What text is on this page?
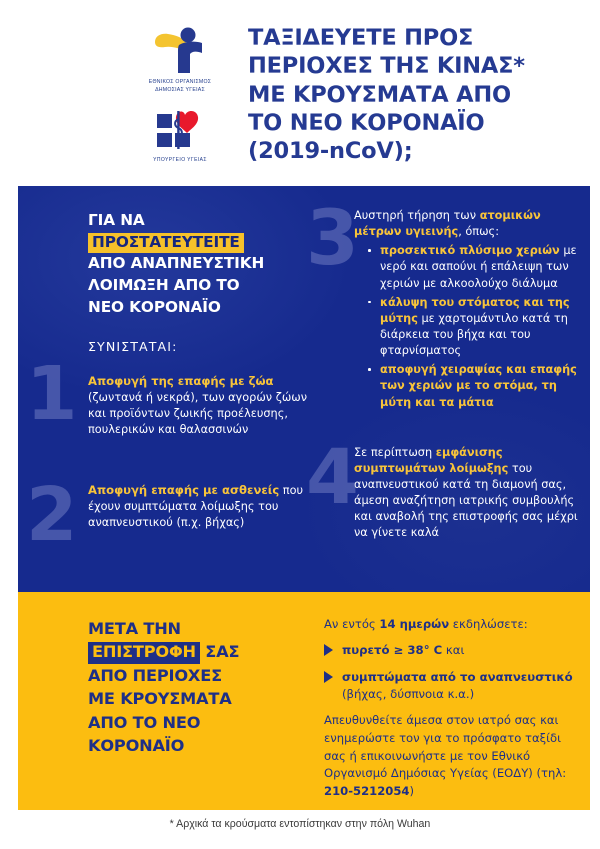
ΕΘΝΙΚΟΣ ΟΡΓΑΝΙΣΜΟΣ
ΔΗΜΟΣΙΑΣ ΥΓΕΙΑΣ
ΥΠΟΥΡΓΕΙΟ ΥΓΕΙΑΣ
ΤΑΞΙΔΕΥΕΤΕ ΠΡΟΣ
ΠΕΡΙΟΧΕΣ ΤΗΣ ΚΙΝΑΣ*
ΜΕ ΚΡΟΥΣΜΑΤΑ ΑΠΟ
ΤΟ ΝΕΟ ΚΟΡΟΝΑΪΟ
(2019-nCoV);
ΓΙΑ ΝΑ
ΠΡΟΣΤΑΤΕΥΤΕΙΤΕ
ΑΠΟ ΑΝΑΠΝΕΥΣΤΙΚΗ
ΛΟΙΜΩΞΗ ΑΠΟ ΤΟ
ΝΕΟ ΚΟΡΟΝΑΪΟ
ΣΥΝΙΣΤΑΤΑΙ:
1 Αποφυγή της επαφής με ζώα (ζωντανά ή νεκρά), των αγορών ζώων και προϊόντων ζωικής προέλευσης, πουλερικών και θαλασσινών
2 Αποφυγή επαφής με ασθενείς που έχουν συμπτώματα λοίμωξης του αναπνευστικού (π.χ. βήχας)
3
Αυστηρή τήρηση των ατομικών μέτρων υγιεινής, όπως:
προσεκτικό πλύσιμο χεριών με νερό και σαπούνι ή επάλειψη των χεριών με αλκοολούχο διάλυμα
κάλυψη του στόματος και της μύτης με χαρτομάντιλο κατά τη διάρκεια του βήχα και του φταρνίσματος
αποφυγή χειραψίας και επαφής των χεριών με το στόμα, τη μύτη και τα μάτια
4
Σε περίπτωση εμφάνισης συμπτωμάτων λοίμωξης του αναπνευστικού κατά τη διαμονή σας, άμεση αναζήτηση ιατρικής συμβουλής και αναβολή της επιστροφής σας μέχρι να γίνετε καλά
ΜΕΤΑ ΤΗΝ
ΕΠΙΣΤΡΟΦΗ ΣΑΣ
ΑΠΟ ΠΕΡΙΟΧΕΣ
ΜΕ ΚΡΟΥΣΜΑΤΑ
ΑΠΟ ΤΟ ΝΕΟ
ΚΟΡΟΝΑΪΟ
Αν εντός 14 ημερών εκδηλώσετε:
πυρετό ≥ 38° C και
συμπτώματα από το αναπνευστικό
(βήχας, δύσπνοια κ.α.)
Απευθυνθείτε άμεσα στον ιατρό σας και ενημερώστε τον για το πρόσφατο ταξίδι σας ή επικοινωνήστε με τον Εθνικό Οργανισμό Δημόσιας Υγείας (ΕΟΔΥ) (τηλ: 210-5212054)
* Αρχικά τα κρούσματα εντοπίστηκαν στην πόλη Wuhan
